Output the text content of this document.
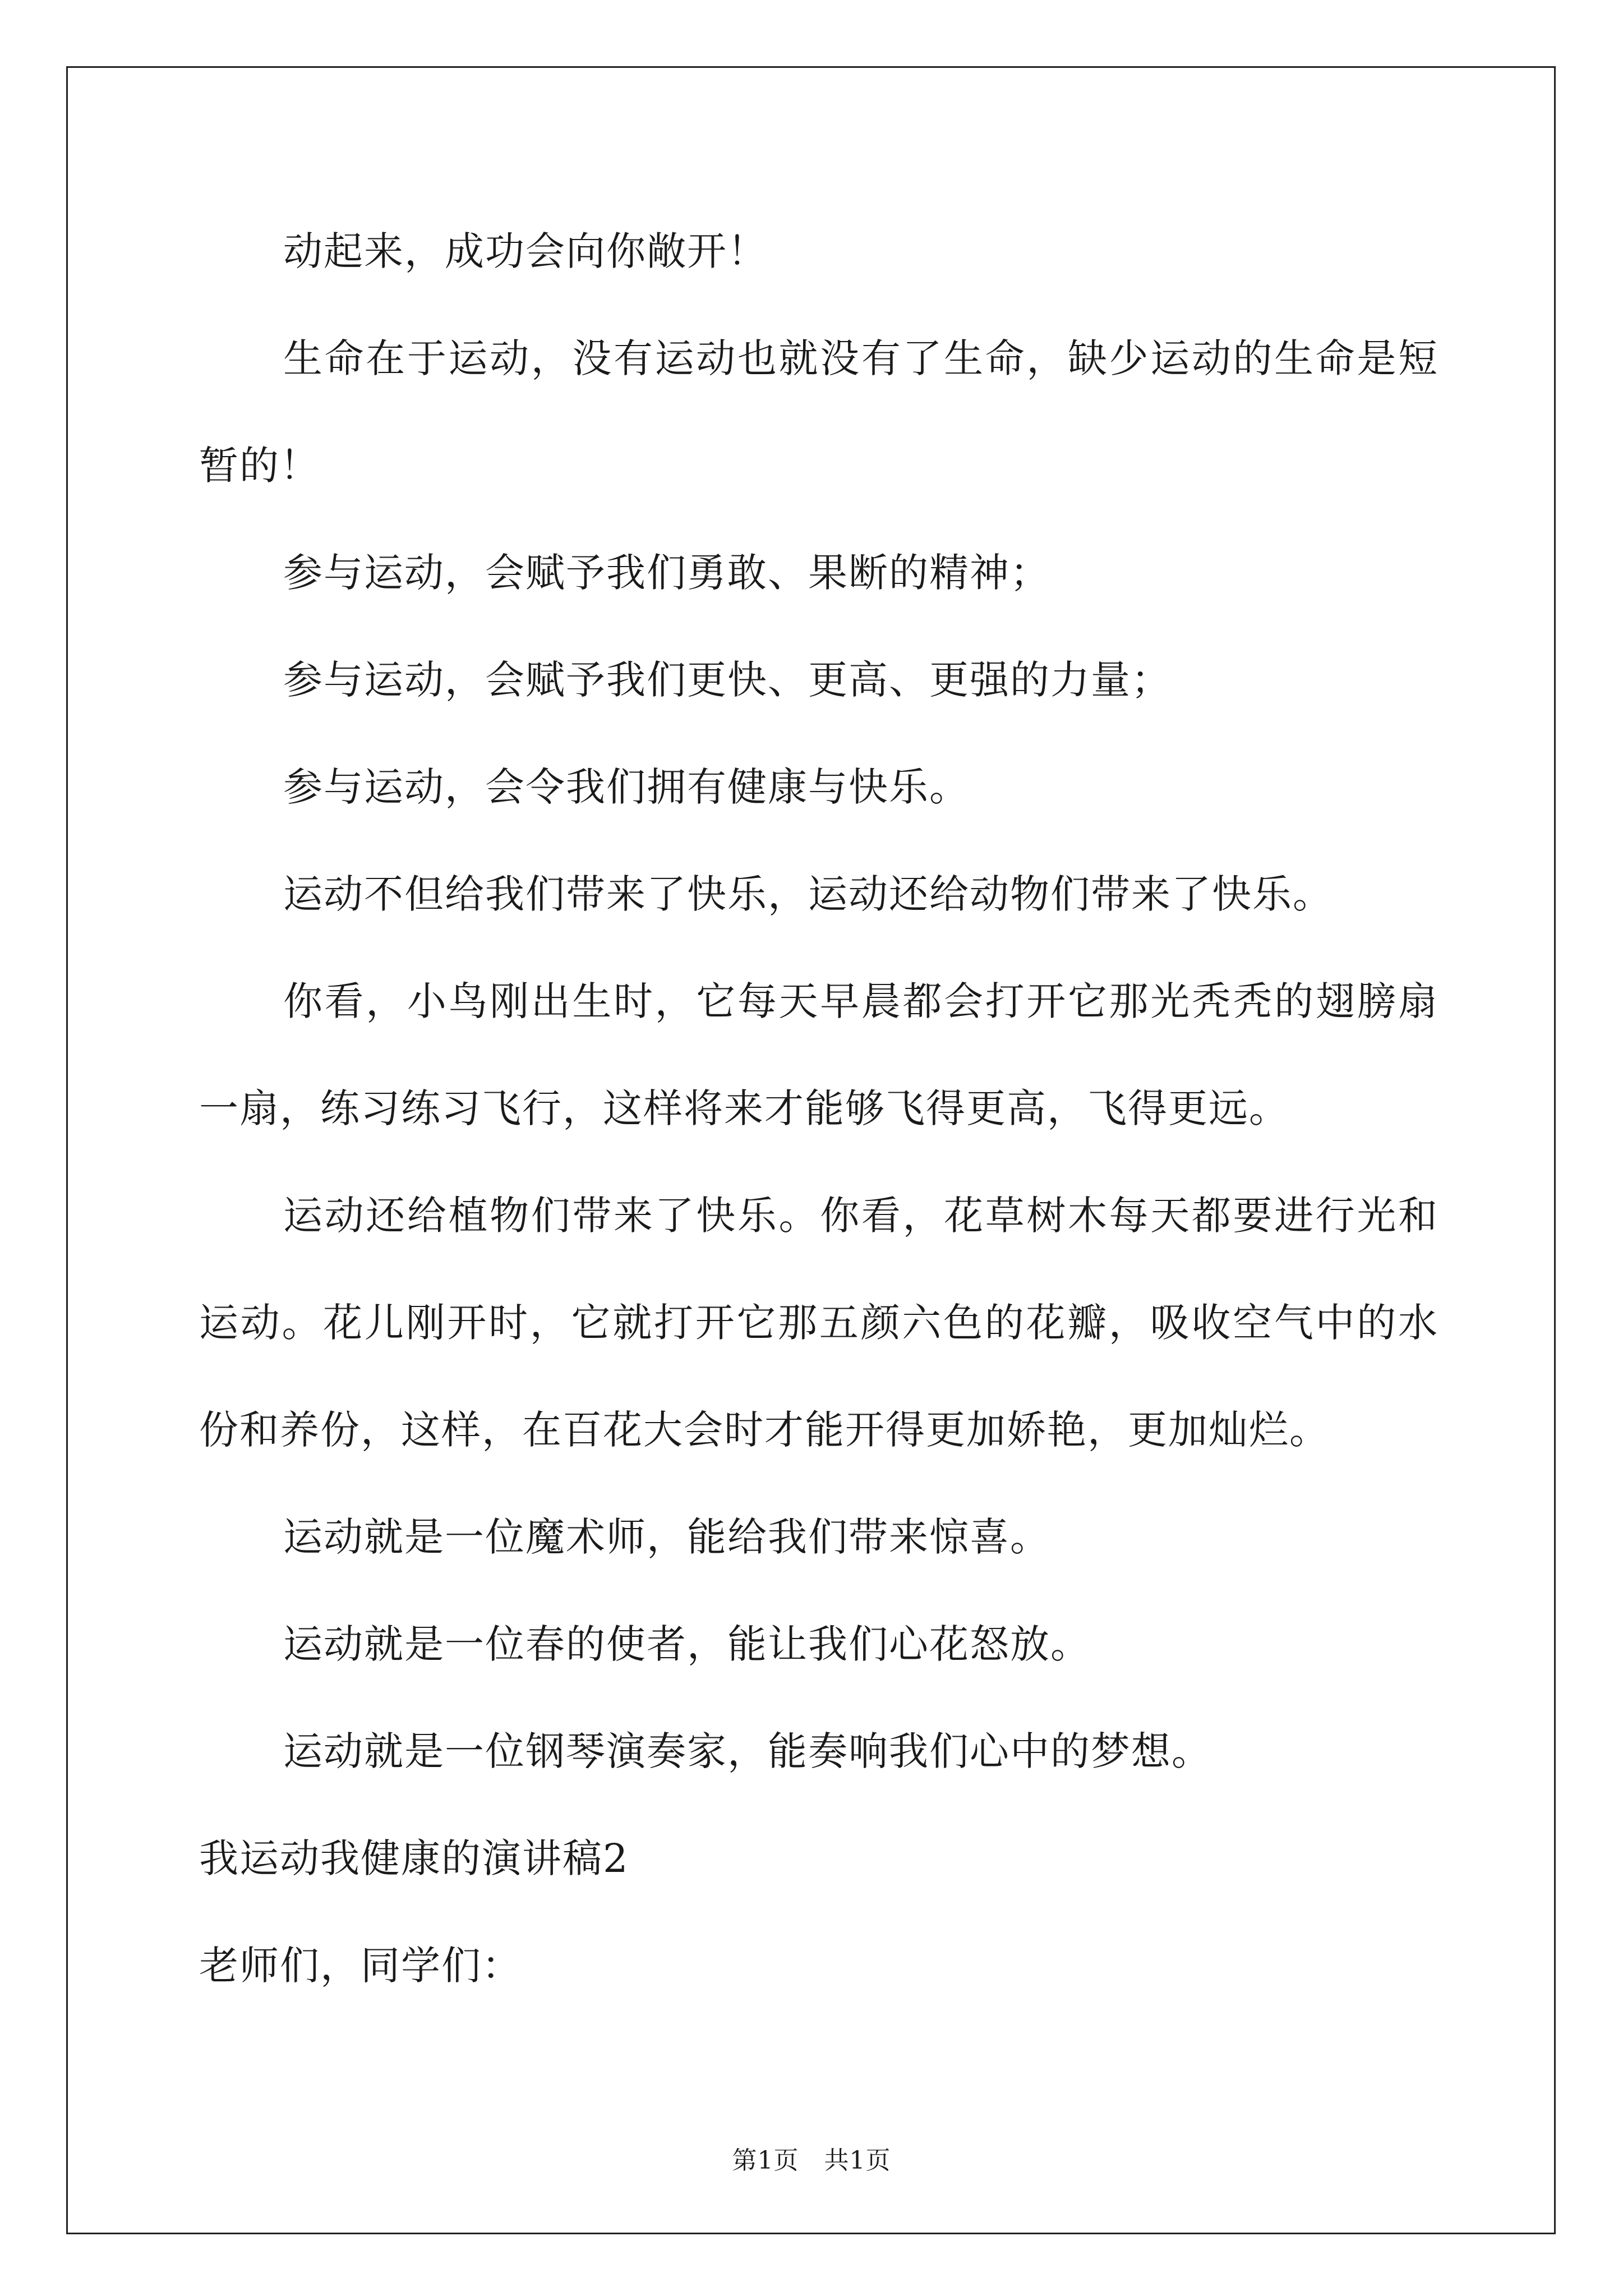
动起来，成功会向你敞开！
生命在于运动，没有运动也就没有了生命，缺少运动的生命是短
暂的！
参与运动，会赋予我们勇敢、果断的精神；
参与运动，会赋予我们更快、更高、更强的力量；
参与运动，会令我们拥有健康与快乐。
运动不但给我们带来了快乐，运动还给动物们带来了快乐。
你看，小鸟刚出生时，它每天早晨都会打开它那光秃秃的翅膀扇
一扇，练习练习飞行，这样将来才能够飞得更高，飞得更远。
运动还给植物们带来了快乐。你看，花草树木每天都要进行光和
运动。花儿刚开时，它就打开它那五颜六色的花瓣，吸收空气中的水
份和养份，这样，在百花大会时才能开得更加娇艳，更加灿烂。
运动就是一位魔术师，能给我们带来惊喜。
运动就是一位春的使者，能让我们心花怒放。
运动就是一位钢琴演奏家，能奏响我们心中的梦想。
我运动我健康的演讲稿2
老师们，同学们：
第1页 共1页
